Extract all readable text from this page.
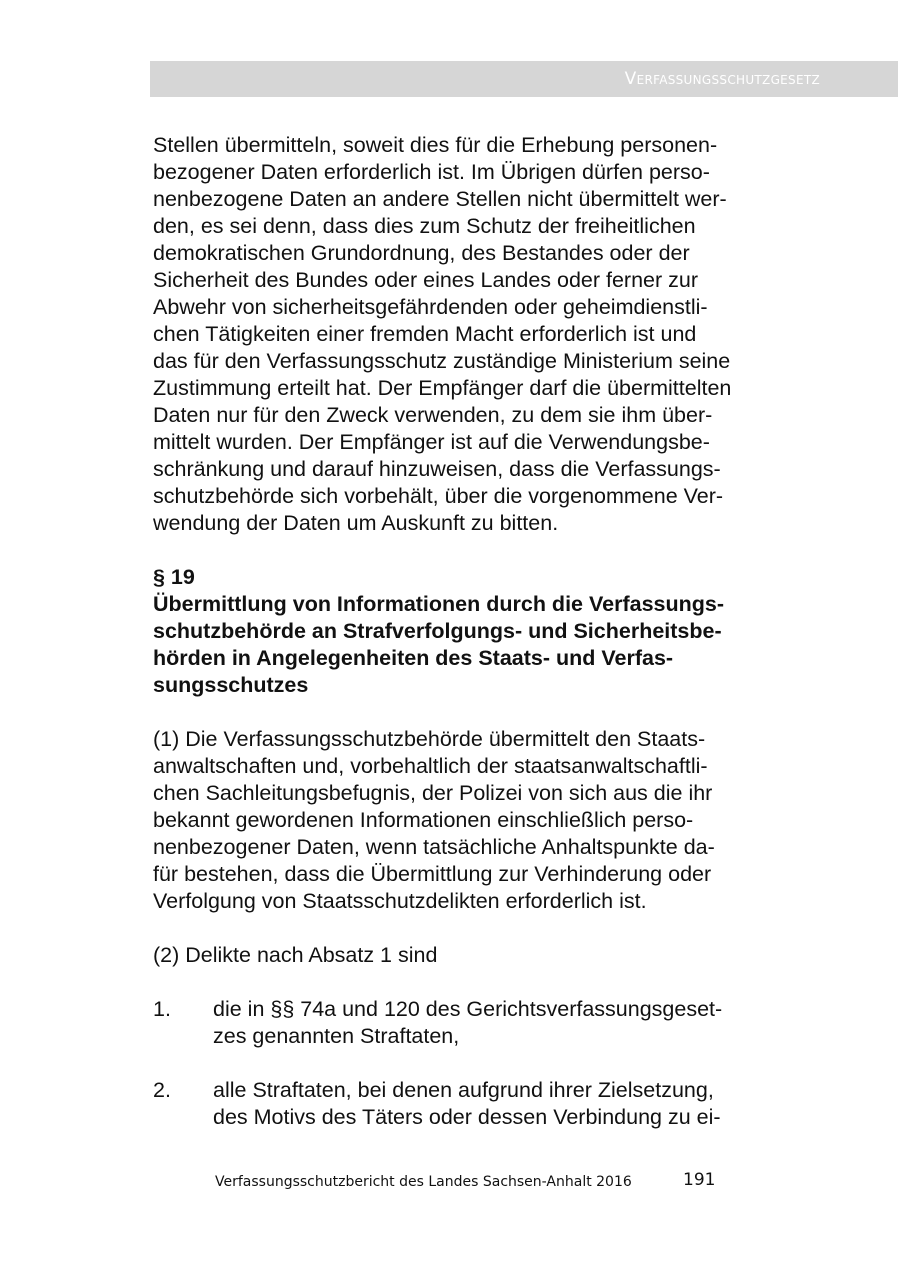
Verfassungsschutzgesetz
Stellen übermitteln, soweit dies für die Erhebung personen-
bezogener Daten erforderlich ist. Im Übrigen dürfen perso-
nenbezogene Daten an andere Stellen nicht übermittelt wer-
den, es sei denn, dass dies zum Schutz der freiheitlichen
demokratischen Grundordnung, des Bestandes oder der
Sicherheit des Bundes oder eines Landes oder ferner zur
Abwehr von sicherheitsgefährdenden oder geheimdienstli-
chen Tätigkeiten einer fremden Macht erforderlich ist und
das für den Verfassungsschutz zuständige Ministerium seine
Zustimmung erteilt hat. Der Empfänger darf die übermittelten
Daten nur für den Zweck verwenden, zu dem sie ihm über-
mittelt wurden. Der Empfänger ist auf die Verwendungsbe-
schränkung und darauf hinzuweisen, dass die Verfassungs-
schutzbehörde sich vorbehält, über die vorgenommene Ver-
wendung der Daten um Auskunft zu bitten.
§ 19
Übermittlung von Informationen durch die Verfassungs-
schutzbehörde an Strafverfolgungs- und Sicherheitsbe-
hörden in Angelegenheiten des Staats- und Verfas-
sungsschutzes
(1) Die Verfassungsschutzbehörde übermittelt den Staats-
anwaltschaften und, vorbehaltlich der staatsanwaltschaftli-
chen Sachleitungsbefugnis, der Polizei von sich aus die ihr
bekannt gewordenen Informationen einschließlich perso-
nenbezogener Daten, wenn tatsächliche Anhaltspunkte da-
für bestehen, dass die Übermittlung zur Verhinderung oder
Verfolgung von Staatsschutzdelikten erforderlich ist.
(2) Delikte nach Absatz 1 sind
1. die in §§ 74a und 120 des Gerichtsverfassungsgeset-
zes genannten Straftaten,
2. alle Straftaten, bei denen aufgrund ihrer Zielsetzung,
des Motivs des Täters oder dessen Verbindung zu ei-
Verfassungsschutzbericht des Landes Sachsen-Anhalt 2016	191
